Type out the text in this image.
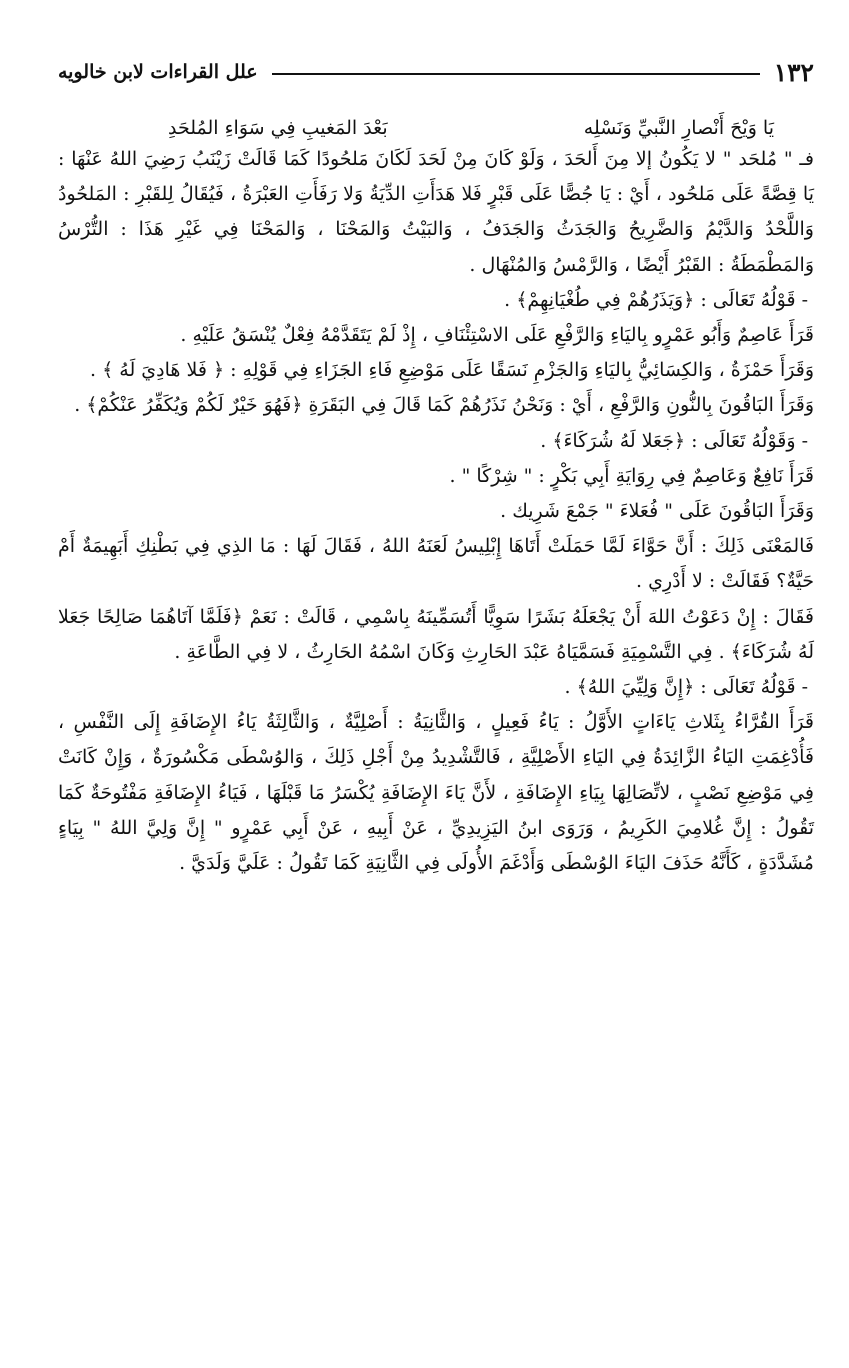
١٣٢
علل القراءات لابن خالويه
يَا وَيْحَ أَنْصارِ النَّبيِّ وَنَسْلِه
بَعْدَ المَغيبِ فِي سَوَاءِ المُلحَدِ

فـ " مُلحَد " لا يَكُونُ إلا مِنَ أَلحَدَ ، وَلَوْ كَانَ مِنْ لَحَدَ لَكَانَ مَلحُودًا كَمَا قَالَتْ زَيْنَبُ رَضِيَ اللهُ عَنْهَا : يَا قِصَّةً عَلَى مَلحُود ، أَيْ : يَا جُصًّا عَلَى قَبْرٍ فَلا هَدَأَتِ الدِّيَةُ وَلا رَفَأَتِ العَبْرَةُ ، فَيُقَالُ لِلقَبْرِ : المَلحُودُ وَاللَّحْدُ وَالدَّيْمُ وَالضَّرِيحُ وَالجَدَثُ وَالجَدَفُ ، وَالبَيْتُ وَالمَحْنَا ، وَالمَحْنَا فِي غَيْرِ هَذَا : التُّرْسُ وَالمَطْمَطَةُ : القَبْرُ أَيْضًا ، وَالرَّمْسُ وَالمُنْهَال .

- قَوْلُهُ تَعَالَى : ﴿وَيَذَرُهُمْ فِي طُغْيَانِهِمْ﴾ .

قَرَأَ عَاصِمٌ وَأَبُو عَمْرٍو بِاليَاءِ وَالرَّفْعِ عَلَى الاسْتِئْنَافِ ، إِذْ لَمْ يَتَقَدَّمْهُ فِعْلٌ يُنْسَقُ عَلَيْهِ .

وَقَرَأَ حَمْزَةُ ، وَالكِسَائِيُّ بِاليَاءِ وَالجَزْمِ نَسَقًا عَلَى مَوْضِعِ فَاءِ الجَزَاءِ فِي قَوْلِهِ : ﴿ فَلا هَادِيَ لَهُ ﴾ .

وَقَرَأَ البَاقُونَ بِالنُّونِ وَالرَّفْعِ ، أَيْ : وَنَحْنُ نَذَرُهُمْ كَمَا قَالَ فِي البَقَرَةِ ﴿فَهُوَ خَيْرٌ لَكُمْ وَيُكَفِّرُ عَنْكُمْ﴾ .

- وَقَوْلُهُ تَعَالَى : ﴿جَعَلا لَهُ شُرَكَاءَ﴾ .

قَرَأَ نَافِعٌ وَعَاصِمٌ فِي رِوَايَةِ أَبِي بَكْرٍ : " شِرْكًا " .

وَقَرَأَ البَاقُونَ عَلَى " فُعَلاءَ " جَمْعَ شَرِيك .

فَالمَعْنَى ذَلِكَ : أَنَّ حَوَّاءَ لَمَّا حَمَلَتْ أَتَاهَا إِبْلِيسُ لَعَنَهُ اللهُ ، فَقَالَ لَهَا : مَا الذِي فِي بَطْنِكِ أَبَهِيمَةٌ أَمْ حَيَّةٌ؟ فَقَالَتْ : لا أَدْرِي .

فَقَالَ : إِنْ دَعَوْتُ اللهَ أَنْ يَجْعَلَهُ بَشَرًا سَوِيًّا أَتُسَمِّينَهُ بِاسْمِي ، قَالَتْ : نَعَمْ ﴿فَلَمَّا آتَاهُمَا صَالِحًا جَعَلا لَهُ شُرَكَاءَ﴾ . فِي التَّسْمِيَةِ فَسَمَّيَاهُ عَبْدَ الحَارِثِ وَكَانَ اسْمُهُ الحَارِثُ ، لا فِي الطَّاعَةِ .

- قَوْلُهُ تَعَالَى : ﴿إِنَّ وَلِيِّيَ اللهُ﴾ .

قَرَأَ القُرَّاءُ بِثَلاثِ يَاءَاتٍ الأَوَّلُ : يَاءُ فَعِيلٍ ، وَالثَّانِيَةُ : أَصْلِيَّةٌ ، وَالثَّالِثَةُ يَاءُ الإِضَافَةِ إِلَى النَّفْسِ ، فَأُدْغِمَتِ اليَاءُ الزَّائِدَةُ فِي اليَاءِ الأَصْلِيَّةِ ، فَالتَّشْدِيدُ مِنْ أَجْلِ ذَلِكَ ، وَالوُسْطَى مَكْسُورَةٌ ، وَإِنْ كَانَتْ فِي مَوْضِعِ نَصْبٍ ، لاتِّصَالِهَا بِيَاءِ الإِضَافَةِ ، لأَنَّ يَاءَ الإِضَافَةِ يُكْسَرُ مَا قَبْلَهَا ، فَيَاءُ الإِضَافَةِ مَفْتُوحَةٌ كَمَا تَقُولُ : إِنَّ غُلامِيَ الكَرِيمُ ، وَرَوَى ابنُ اليَزِيدِيِّ ، عَنْ أَبِيهِ ، عَنْ أَبِي عَمْرٍو " إِنَّ وَلِيَّ اللهُ " بِيَاءٍ مُشَدَّدَةٍ ، كَأَنَّهُ حَذَفَ اليَاءَ الوُسْطَى وَأَدْغَمَ الأُولَى فِي الثَّانِيَةِ كَمَا تَقُولُ : عَلَيَّ وَلَدَيَّ .
